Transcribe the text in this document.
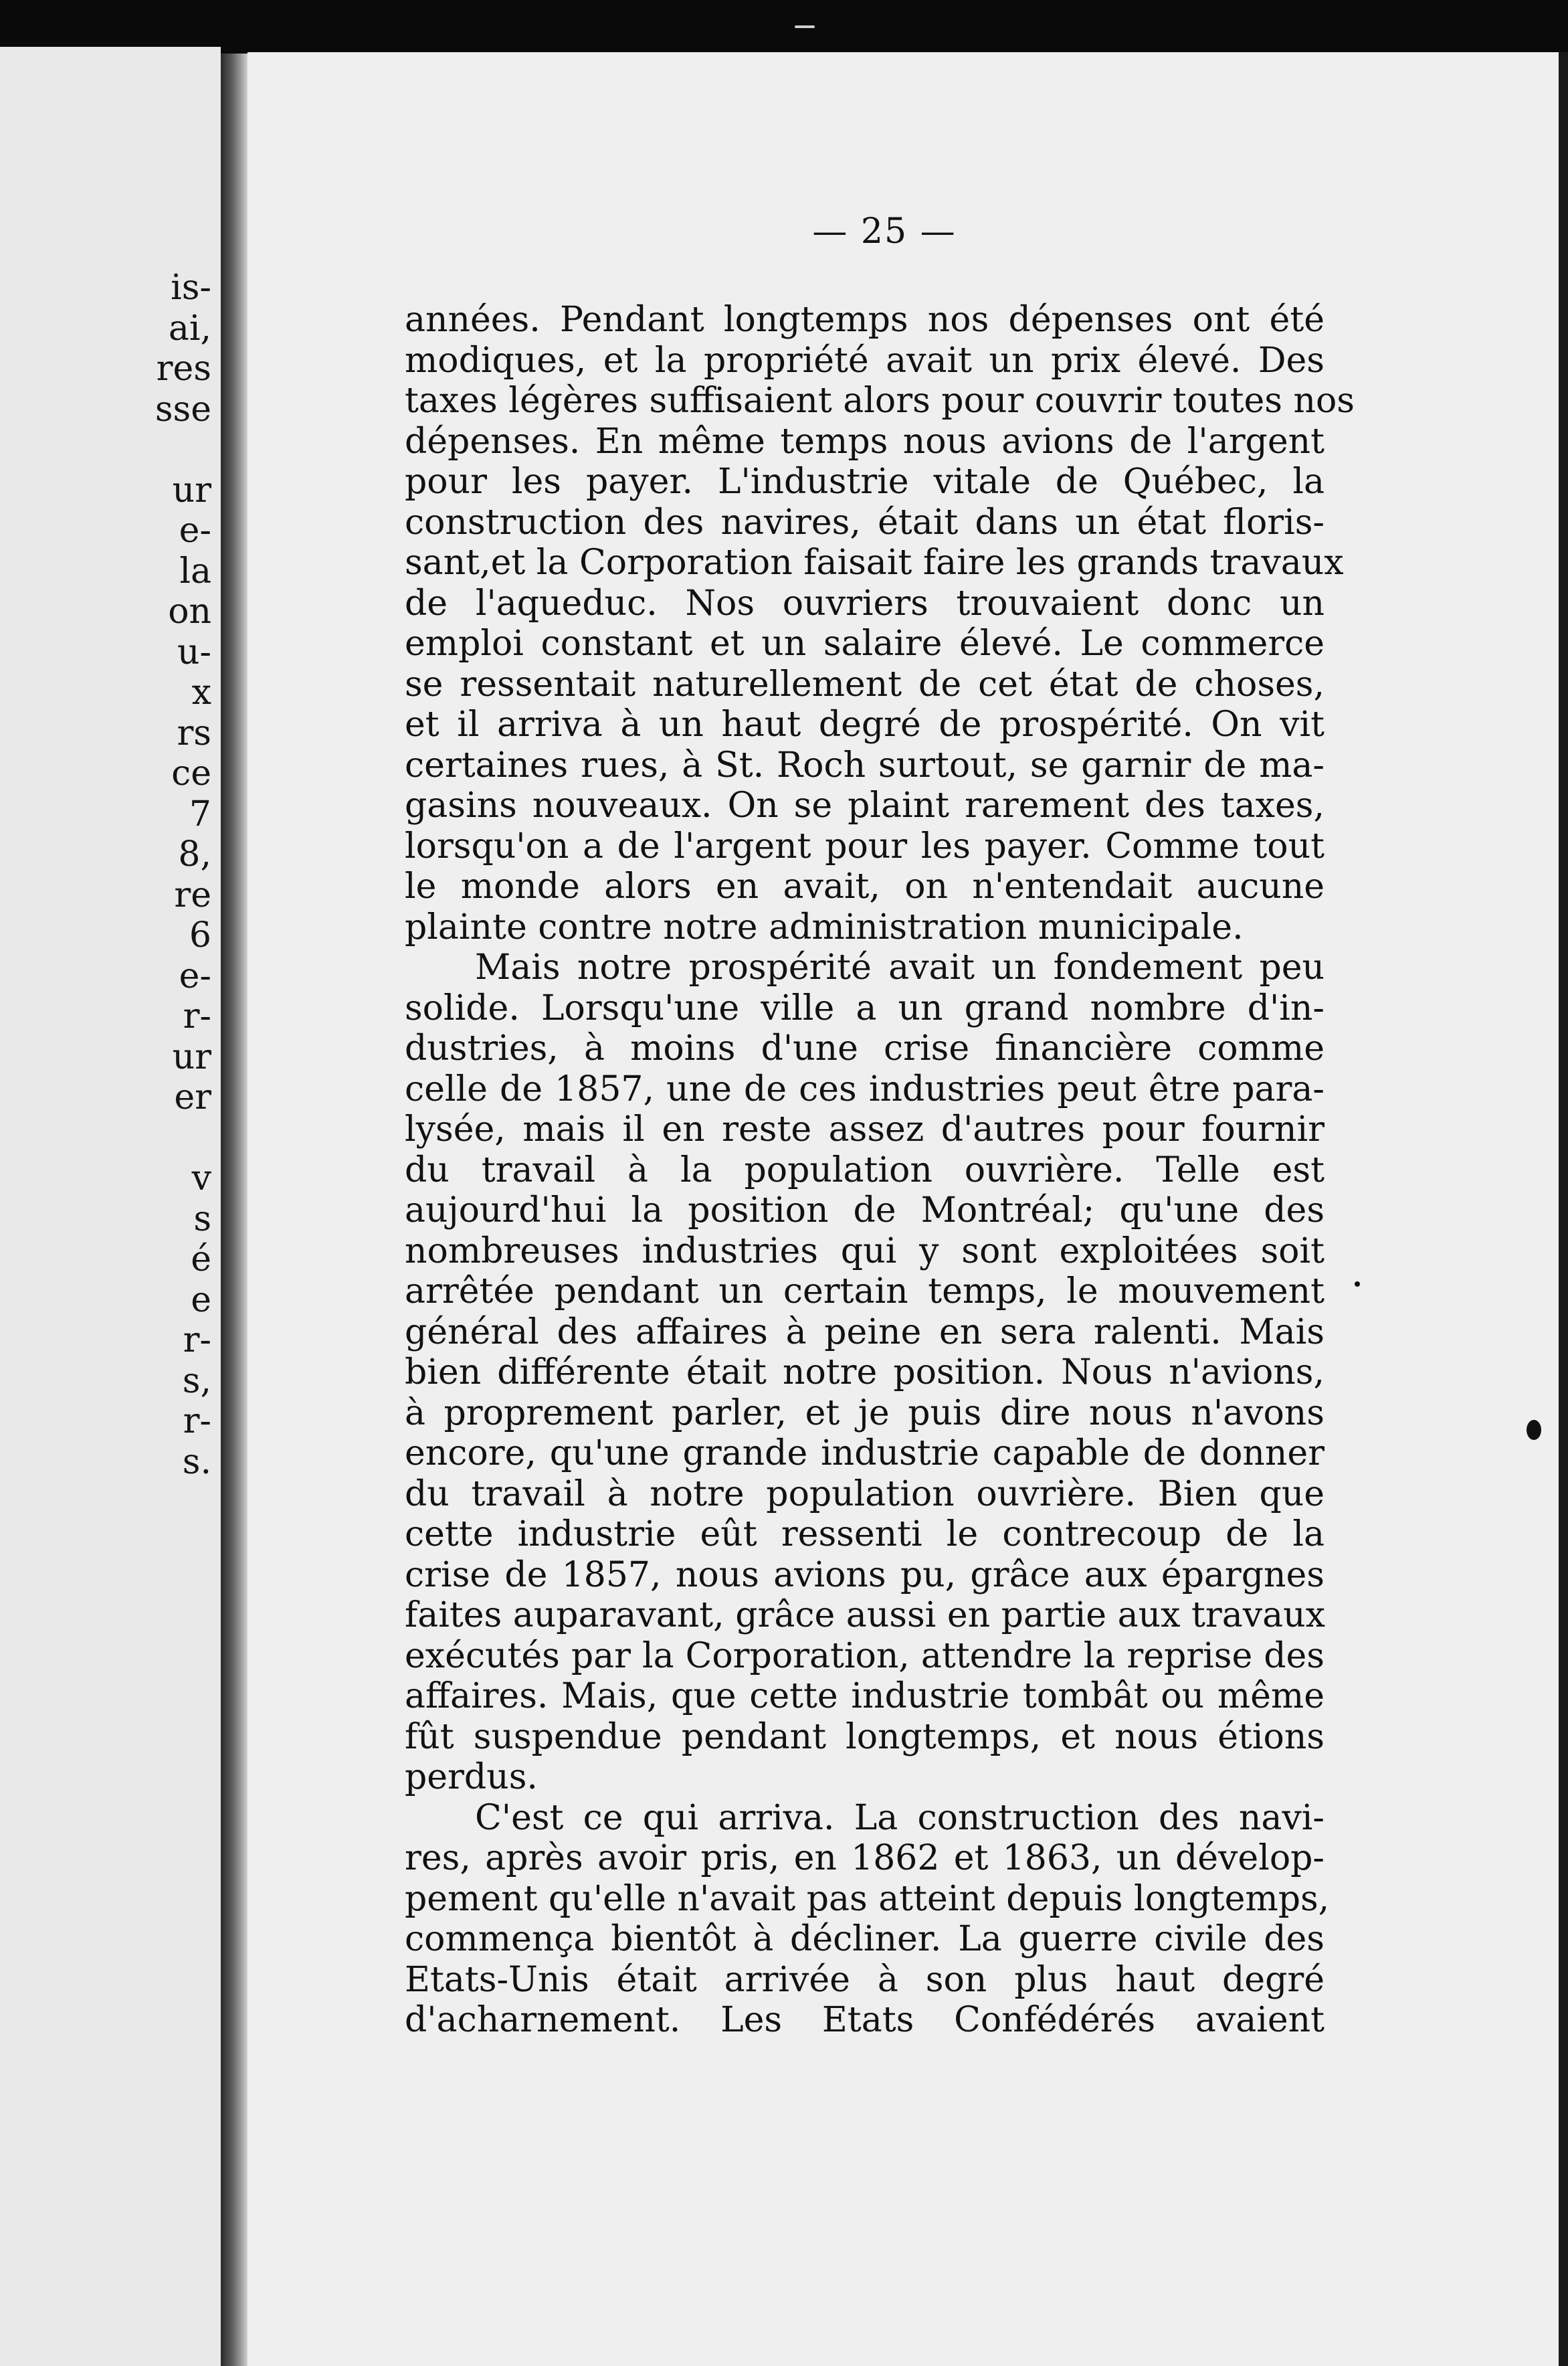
is-
ai,
res
sse
ur
e-
la
on
u-
x
rs
ce
7
8,
re
6
e-
r-
ur
er
v
s
é
e
r-
s,
r-
s.
— 25 —
années. Pendant longtemps nos dépenses ont été
modiques, et la propriété avait un prix élevé. Des
taxes légères suffisaient alors pour couvrir toutes nos
dépenses. En même temps nous avions de l'argent
pour les payer. L'industrie vitale de Québec, la
construction des navires, était dans un état floris-
sant,et la Corporation faisait faire les grands travaux
de l'aqueduc. Nos ouvriers trouvaient donc un
emploi constant et un salaire élevé. Le commerce
se ressentait naturellement de cet état de choses,
et il arriva à un haut degré de prospérité. On vit
certaines rues, à St. Roch surtout, se garnir de ma-
gasins nouveaux. On se plaint rarement des taxes,
lorsqu'on a de l'argent pour les payer. Comme tout
le monde alors en avait, on n'entendait aucune
plainte contre notre administration municipale.
Mais notre prospérité avait un fondement peu
solide. Lorsqu'une ville a un grand nombre d'in-
dustries, à moins d'une crise financière comme
celle de 1857, une de ces industries peut être para-
lysée, mais il en reste assez d'autres pour fournir
du travail à la population ouvrière. Telle est
aujourd'hui la position de Montréal; qu'une des
nombreuses industries qui y sont exploitées soit
arrêtée pendant un certain temps, le mouvement
général des affaires à peine en sera ralenti. Mais
bien différente était notre position. Nous n'avions,
à proprement parler, et je puis dire nous n'avons
encore, qu'une grande industrie capable de donner
du travail à notre population ouvrière. Bien que
cette industrie eût ressenti le contrecoup de la
crise de 1857, nous avions pu, grâce aux épargnes
faites auparavant, grâce aussi en partie aux travaux
exécutés par la Corporation, attendre la reprise des
affaires. Mais, que cette industrie tombât ou même
fût suspendue pendant longtemps, et nous étions
perdus.
C'est ce qui arriva. La construction des navi-
res, après avoir pris, en 1862 et 1863, un dévelop-
pement qu'elle n'avait pas atteint depuis longtemps,
commença bientôt à décliner. La guerre civile des
Etats-Unis était arrivée à son plus haut degré
d'acharnement. Les Etats Confédérés avaient
